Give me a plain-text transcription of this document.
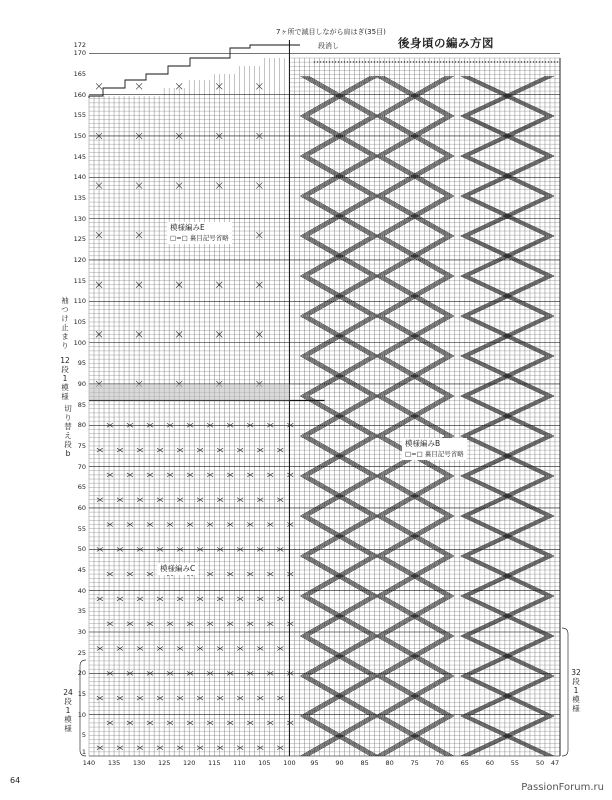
後身頃の編み方図
7ヶ所で減目しながら肩はぎ(35目)
段消し
172
170
165
160
155
150
145
140
135
130
125
120
115
110
105
100
95
90
85
80
75
70
65
60
55
50
45
40
35
30
25
20
15
10
5
1
140 135 130 125 120 115 110 105 100	95	90	85	80	75	70	65	60	55	50	47
模様編みE
□=□ 裏目記号省略
模様編みB
□=□ 裏目記号省略
模様編みC
袖つけ止まり
12段1模様
切り替え段b
24段1模様
32段1模様
64
PassionForum.ru
